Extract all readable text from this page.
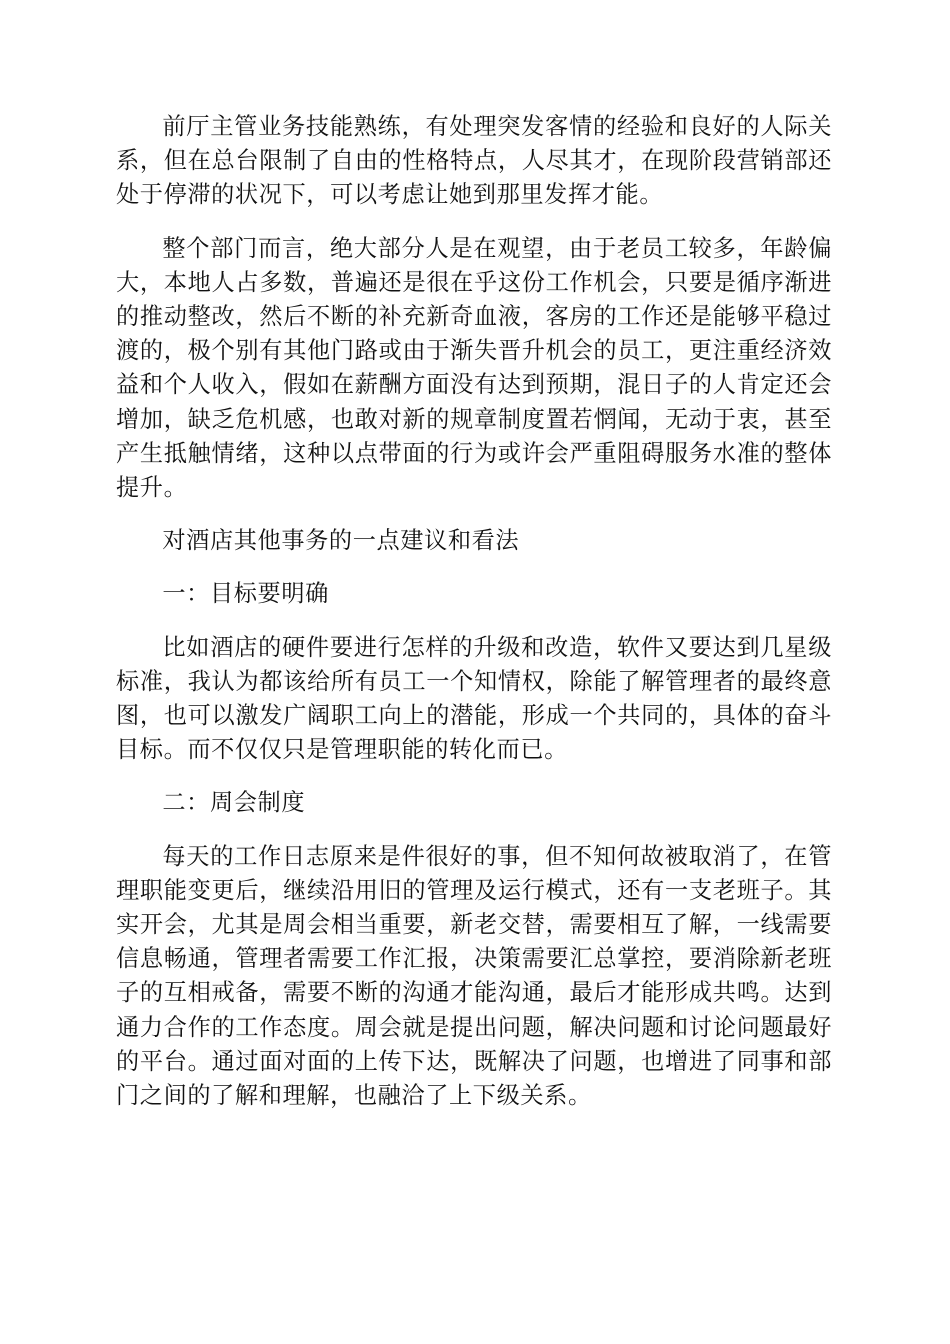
前厅主管业务技能熟练，有处理突发客情的经验和良好的人际关系，但在总台限制了自由的性格特点，人尽其才，在现阶段营销部还处于停滞的状况下，可以考虑让她到那里发挥才能。

整个部门而言，绝大部分人是在观望，由于老员工较多，年龄偏大，本地人占多数，普遍还是很在乎这份工作机会，只要是循序渐进的推动整改，然后不断的补充新奇血液，客房的工作还是能够平稳过渡的，极个别有其他门路或由于渐失晋升机会的员工，更注重经济效益和个人收入，假如在薪酬方面没有达到预期，混日子的人肯定还会增加，缺乏危机感，也敢对新的规章制度置若惘闻，无动于衷，甚至产生抵触情绪，这种以点带面的行为或许会严重阻碍服务水准的整体提升。

对酒店其他事务的一点建议和看法

一：目标要明确

比如酒店的硬件要进行怎样的升级和改造，软件又要达到几星级标准，我认为都该给所有员工一个知情权，除能了解管理者的最终意图，也可以激发广阔职工向上的潜能，形成一个共同的，具体的奋斗目标。而不仅仅只是管理职能的转化而已。

二：周会制度

每天的工作日志原来是件很好的事，但不知何故被取消了，在管理职能变更后，继续沿用旧的管理及运行模式，还有一支老班子。其实开会，尤其是周会相当重要，新老交替，需要相互了解，一线需要信息畅通，管理者需要工作汇报，决策需要汇总掌控，要消除新老班子的互相戒备，需要不断的沟通才能沟通，最后才能形成共鸣。达到通力合作的工作态度。周会就是提出问题，解决问题和讨论问题最好的平台。通过面对面的上传下达，既解决了问题，也增进了同事和部门之间的了解和理解，也融洽了上下级关系。
